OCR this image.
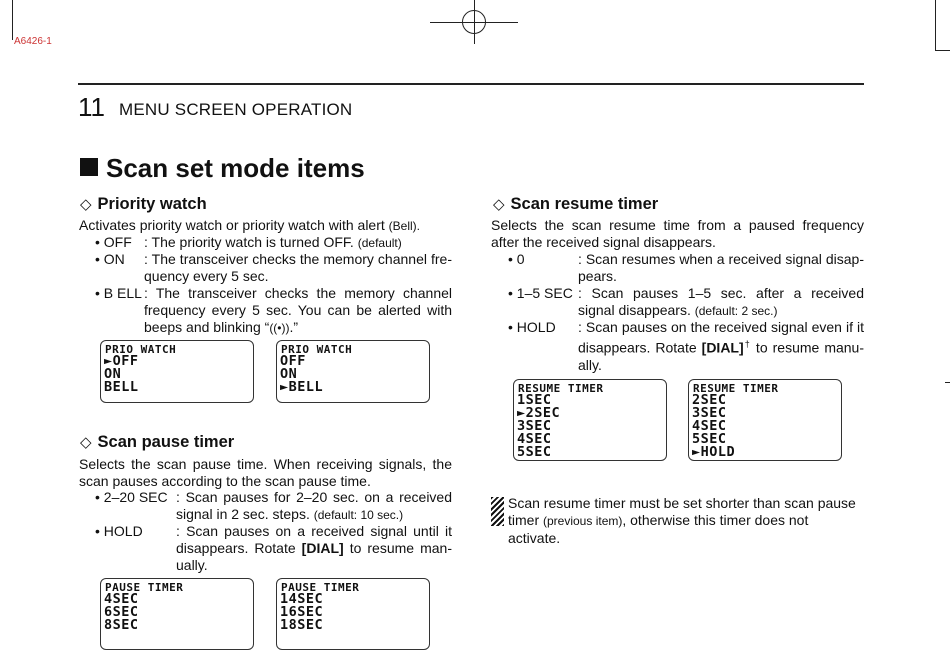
A6426-1
11 MENU SCREEN OPERATION
Scan set mode items
◇ Priority watch
Activates priority watch or priority watch with alert (Bell).
• OFF : The priority watch is turned OFF. (default)
• ON : The transceiver checks the memory channel fre-quency every 5 sec.
• B ELL : The transceiver checks the memory channel frequency every 5 sec. You can be alerted with beeps and blinking “((•)).”
PRIO WATCH
►OFF
ON
BELL
PRIO WATCH
OFF
ON
►BELL
◇ Scan pause timer
Selects the scan pause time. When receiving signals, the scan pauses according to the scan pause time.
• 2–20 SEC : Scan pauses for 2–20 sec. on a received signal in 2 sec. steps. (default: 10 sec.)
• HOLD : Scan pauses on a received signal until it disappears. Rotate [DIAL] to resume man-ually.
PAUSE TIMER
4SEC
6SEC
8SEC
PAUSE TIMER
14SEC
16SEC
18SEC
◇ Scan resume timer
Selects the scan resume time from a paused frequency after the received signal disappears.
• 0	: Scan resumes when a received signal disap-pears.
• 1–5 SEC : Scan pauses 1–5 sec. after a received signal disappears. (default: 2 sec.)
• HOLD : Scan pauses on the received signal even if it disappears. Rotate [DIAL]† to resume manu-ally.
RESUME TIMER
1SEC
►2SEC
3SEC
4SEC
5SEC
RESUME TIMER
2SEC
3SEC
4SEC
5SEC
►HOLD
Scan resume timer must be set shorter than scan pause timer (previous item), otherwise this timer does not activate.
